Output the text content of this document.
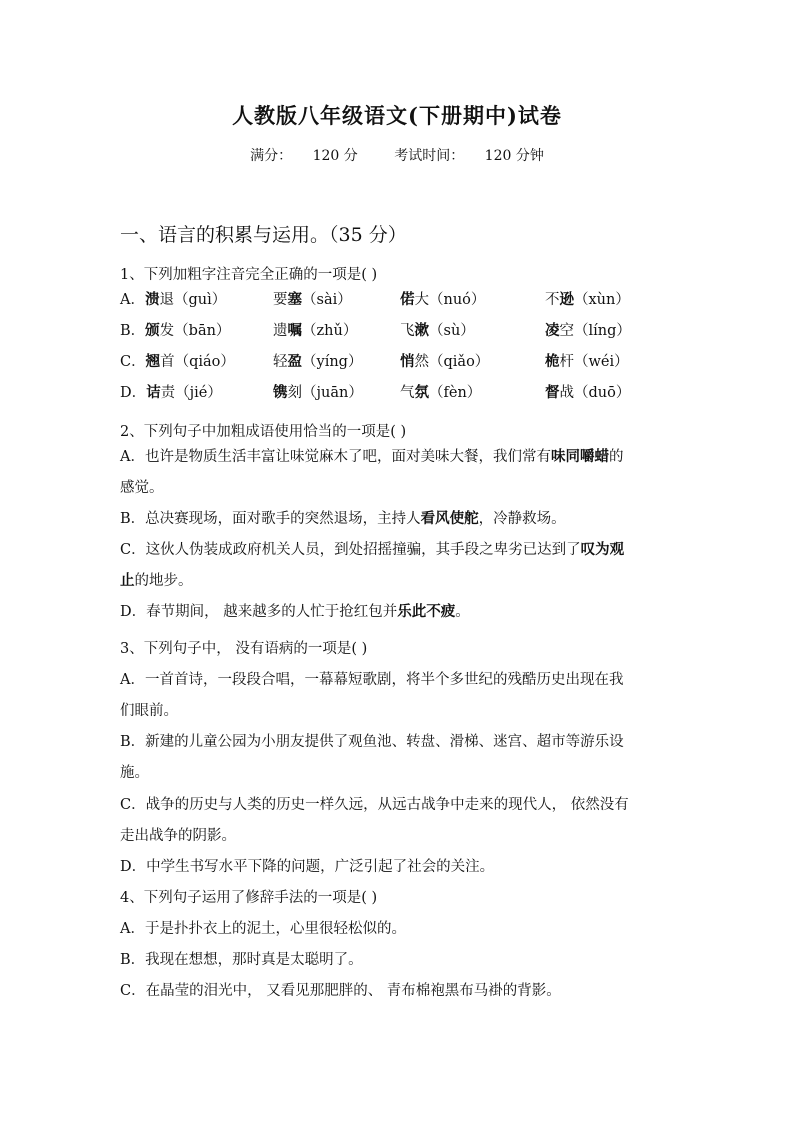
人教版八年级语文(下册期中)试卷
满分： 120 分	考试时间： 120 分钟
一、语言的积累与运用。（35 分）
1、下列加粗字注音完全正确的一项是( )
A．溃退（guì）	要塞（sài）	偌大（nuó）	不逊（xùn）
B．颁发（bān）	遗嘱（zhǔ）	飞漱（sù）	凌空（líng）
C．翘首（qiáo）	轻盈（yíng）	悄然（qiǎo）	桅杆（wéi）
D．诘责（jié）	镌刻（juān）	气氛（fèn）	督战（duō）
2、下列句子中加粗成语使用恰当的一项是( )
A．也许是物质生活丰富让味觉麻木了吧，面对美味大餐，我们常有味同嚼蜡的
感觉。
B．总决赛现场，面对歌手的突然退场，主持人看风使舵，冷静救场。
C．这伙人伪装成政府机关人员，到处招摇撞骗，其手段之卑劣已达到了叹为观
止的地步。
D．春节期间， 越来越多的人忙于抢红包并乐此不疲。
3、下列句子中， 没有语病的一项是( )
A．一首首诗，一段段合唱，一幕幕短歌剧，将半个多世纪的残酷历史出现在我
们眼前。
B．新建的儿童公园为小朋友提供了观鱼池、转盘、滑梯、迷宫、超市等游乐设
施。
C．战争的历史与人类的历史一样久远，从远古战争中走来的现代人， 依然没有
走出战争的阴影。
D．中学生书写水平下降的问题，广泛引起了社会的关注。
4、下列句子运用了修辞手法的一项是( )
A．于是扑扑衣上的泥土，心里很轻松似的。
B．我现在想想，那时真是太聪明了。
C．在晶莹的泪光中， 又看见那肥胖的、 青布棉袍黑布马褂的背影。
